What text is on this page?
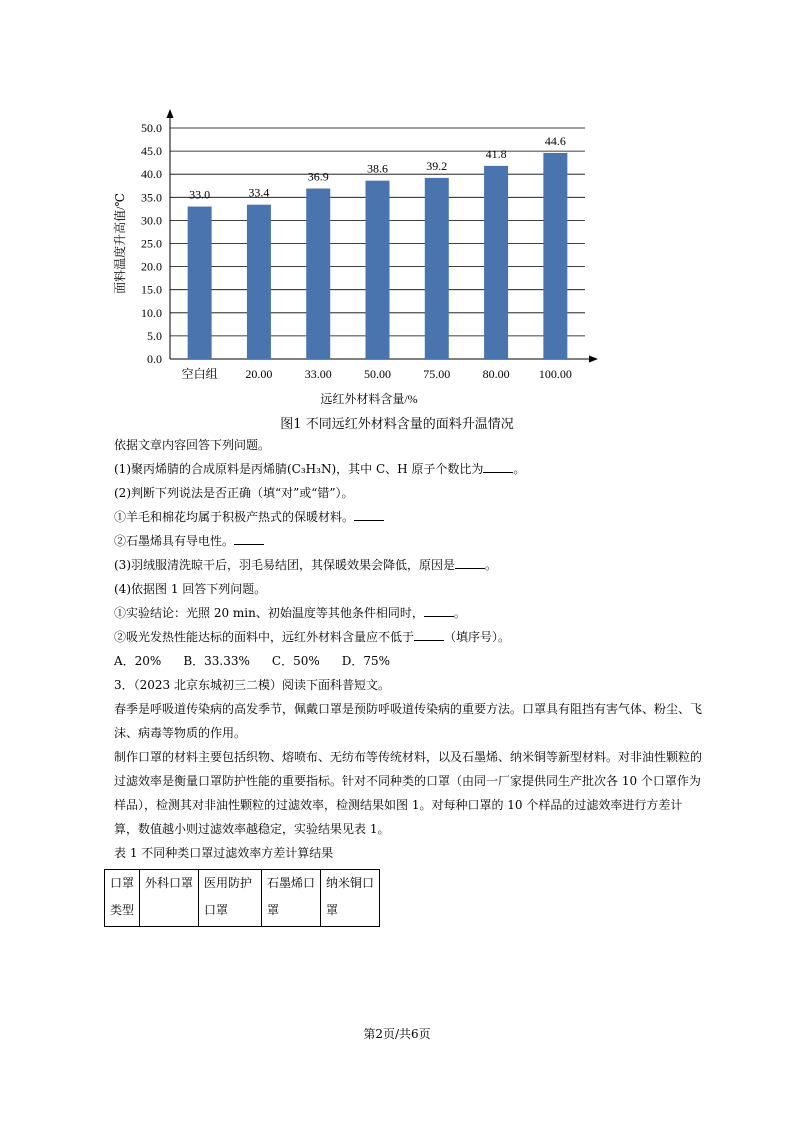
0.0
5.0
10.0
15.0
20.0
25.0
30.0
35.0
40.0
45.0
50.0
33.0
空白组
33.4
20.00
36.9
33.00
38.6
50.00
39.2
75.00
41.8
80.00
44.6
100.00
远红外材料含量/%
面料温度升高值/℃
图1 不同远红外材料含量的面料升温情况

依据文章内容回答下列问题。

(1)聚丙烯腈的合成原料是丙烯腈(C₃H₃N)，其中 C、H 原子个数比为	。

(2)判断下列说法是否正确（填“对”或“错”）。

①羊毛和棉花均属于积极产热式的保暖材料。

②石墨烯具有导电性。

(3)羽绒服清洗晾干后，羽毛易结团，其保暖效果会降低，原因是	。

(4)依据图 1 回答下列问题。

①实验结论：光照 20 min、初始温度等其他条件相同时，	。

②吸光发热性能达标的面料中，远红外材料含量应不低于	（填序号）。

A．20% B．33.33% C．50% D．75%

3．（2023 北京东城初三二模）阅读下面科普短文。

春季是呼吸道传染病的高发季节，佩戴口罩是预防呼吸道传染病的重要方法。口罩具有阻挡有害气体、粉尘、飞沫、病毒等物质的作用。

制作口罩的材料主要包括织物、熔喷布、无纺布等传统材料，以及石墨烯、纳米铜等新型材料。对非油性颗粒的过滤效率是衡量口罩防护性能的重要指标。针对不同种类的口罩（由同一厂家提供同生产批次各 10 个口罩作为样品），检测其对非油性颗粒的过滤效率，检测结果如图 1。对每种口罩的 10 个样品的过滤效率进行方差计算，数值越小则过滤效率越稳定，实验结果见表 1。

表 1 不同种类口罩过滤效率方差计算结果

口罩类型	外科口罩	医用防护口罩	石墨烯口罩	纳米铜口罩
第2页/共6页
